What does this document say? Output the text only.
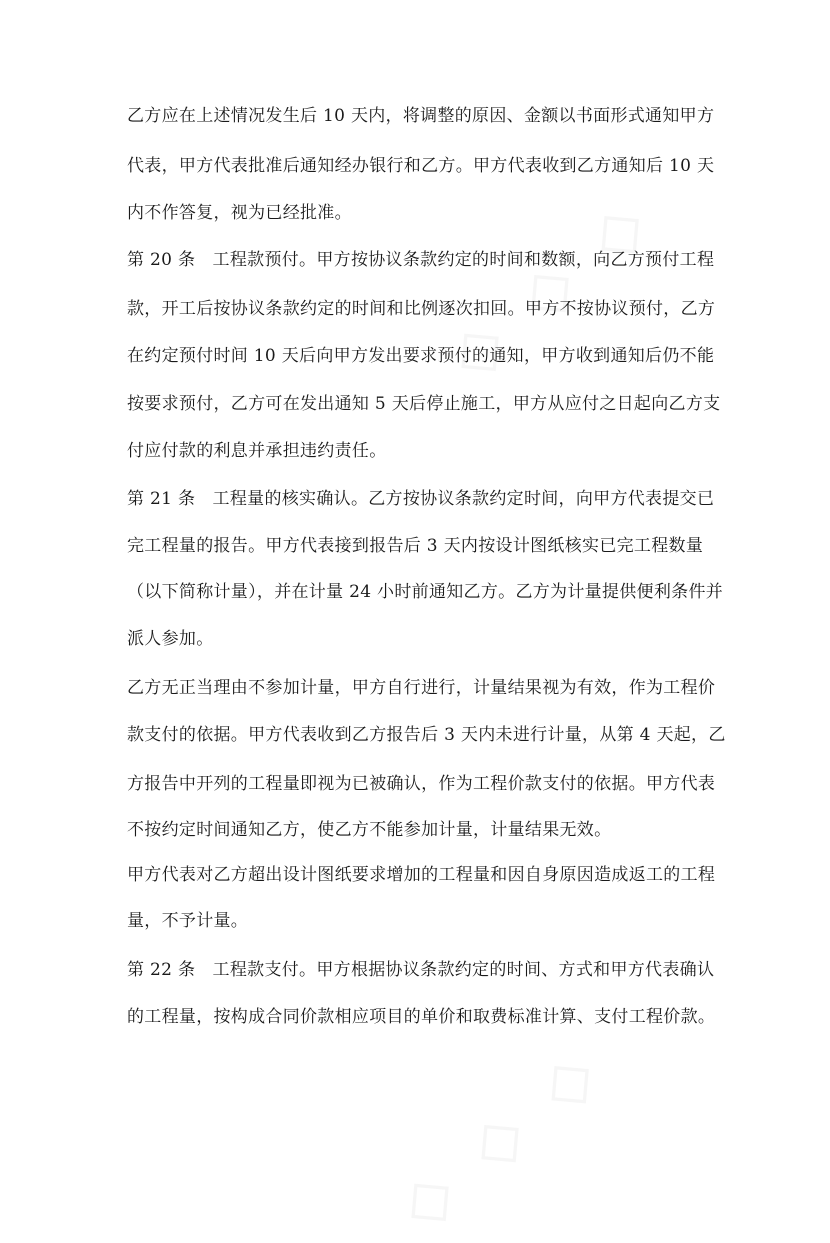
乙方应在上述情况发生后 10 天内，将调整的原因、金额以书面形式通知甲方
代表，甲方代表批准后通知经办银行和乙方。甲方代表收到乙方通知后 10 天
内不作答复，视为已经批准。
第 20 条　工程款预付。甲方按协议条款约定的时间和数额，向乙方预付工程
款，开工后按协议条款约定的时间和比例逐次扣回。甲方不按协议预付，乙方
在约定预付时间 10 天后向甲方发出要求预付的通知，甲方收到通知后仍不能
按要求预付，乙方可在发出通知 5 天后停止施工，甲方从应付之日起向乙方支
付应付款的利息并承担违约责任。
第 21 条　工程量的核实确认。乙方按协议条款约定时间，向甲方代表提交已
完工程量的报告。甲方代表接到报告后 3 天内按设计图纸核实已完工程数量
（以下简称计量），并在计量 24 小时前通知乙方。乙方为计量提供便利条件并
派人参加。
乙方无正当理由不参加计量，甲方自行进行，计量结果视为有效，作为工程价
款支付的依据。甲方代表收到乙方报告后 3 天内未进行计量，从第 4 天起，乙
方报告中开列的工程量即视为已被确认，作为工程价款支付的依据。甲方代表
不按约定时间通知乙方，使乙方不能参加计量，计量结果无效。
甲方代表对乙方超出设计图纸要求增加的工程量和因自身原因造成返工的工程
量，不予计量。
第 22 条　工程款支付。甲方根据协议条款约定的时间、方式和甲方代表确认
的工程量，按构成合同价款相应项目的单价和取费标准计算、支付工程价款。
